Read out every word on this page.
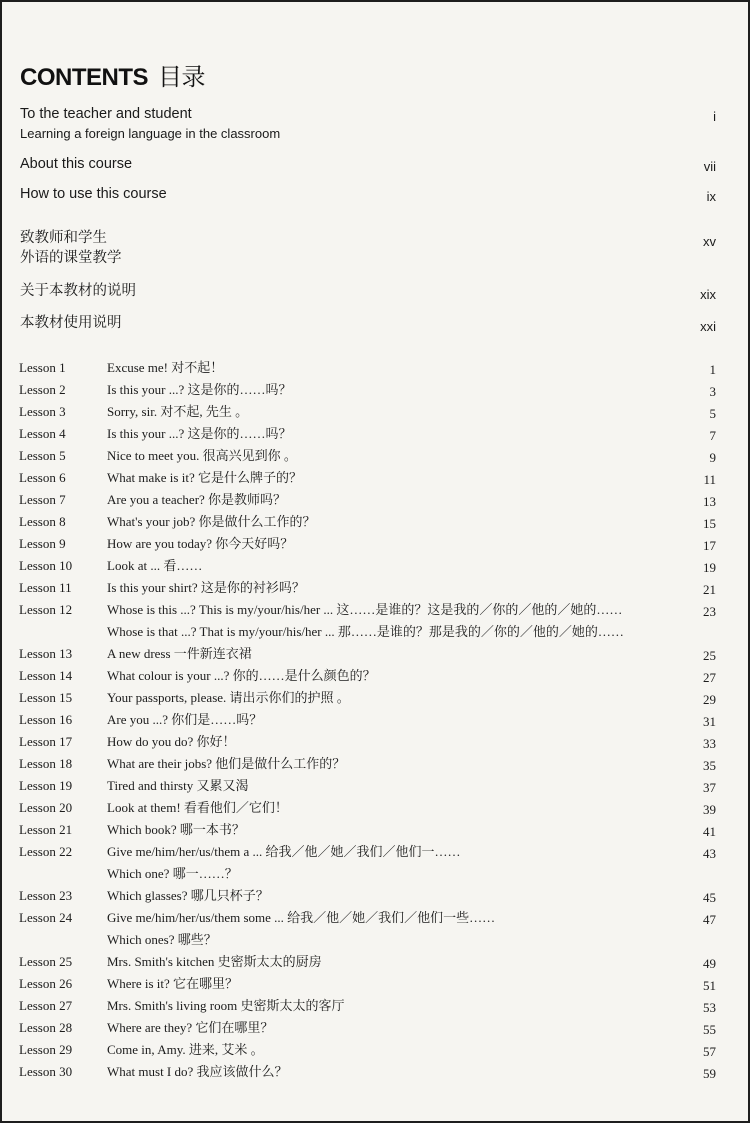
CONTENTS 目录
To the teacher and student
Learning a foreign language in the classroom
i
About this course	vii
How to use this course	ix
致教师和学生
外语的课堂教学
xv
关于本教材的说明	xix
本教材使用说明	xxi
Lesson 1	Excuse me! 对不起！	1
Lesson 2	Is this your ...? 这是你的……吗？	3
Lesson 3	Sorry, sir. 对不起, 先生 。	5
Lesson 4	Is this your ...? 这是你的……吗？	7
Lesson 5	Nice to meet you. 很高兴见到你 。	9
Lesson 6	What make is it? 它是什么牌子的？	11
Lesson 7	Are you a teacher? 你是教师吗？	13
Lesson 8	What's your job? 你是做什么工作的？	15
Lesson 9	How are you today? 你今天好吗？	17
Lesson 10	Look at ... 看……	19
Lesson 11	Is this your shirt? 这是你的衬衫吗？	21
Lesson 12	Whose is this ...? This is my/your/his/her ... 这……是谁的？这是我的／你的／他的／她的……
Whose is that ...? That is my/your/his/her ... 那……是谁的？那是我的／你的／他的／她的……
23
Lesson 13	A new dress 一件新连衣裙	25
Lesson 14	What colour is your ...? 你的……是什么颜色的？	27
Lesson 15	Your passports, please. 请出示你们的护照 。	29
Lesson 16	Are you ...? 你们是……吗？	31
Lesson 17	How do you do? 你好！	33
Lesson 18	What are their jobs? 他们是做什么工作的？	35
Lesson 19	Tired and thirsty 又累又渴	37
Lesson 20	Look at them! 看看他们／它们！	39
Lesson 21	Which book? 哪一本书？	41
Lesson 22	Give me/him/her/us/them a ... 给我／他／她／我们／他们一……
Which one? 哪一……？
43
Lesson 23	Which glasses? 哪几只杯子？	45
Lesson 24	Give me/him/her/us/them some ... 给我／他／她／我们／他们一些……
Which ones? 哪些？
47
Lesson 25	Mrs. Smith's kitchen 史密斯太太的厨房	49
Lesson 26	Where is it? 它在哪里？	51
Lesson 27	Mrs. Smith's living room 史密斯太太的客厅	53
Lesson 28	Where are they? 它们在哪里？	55
Lesson 29	Come in, Amy. 进来, 艾米 。	57
Lesson 30	What must I do? 我应该做什么？	59
